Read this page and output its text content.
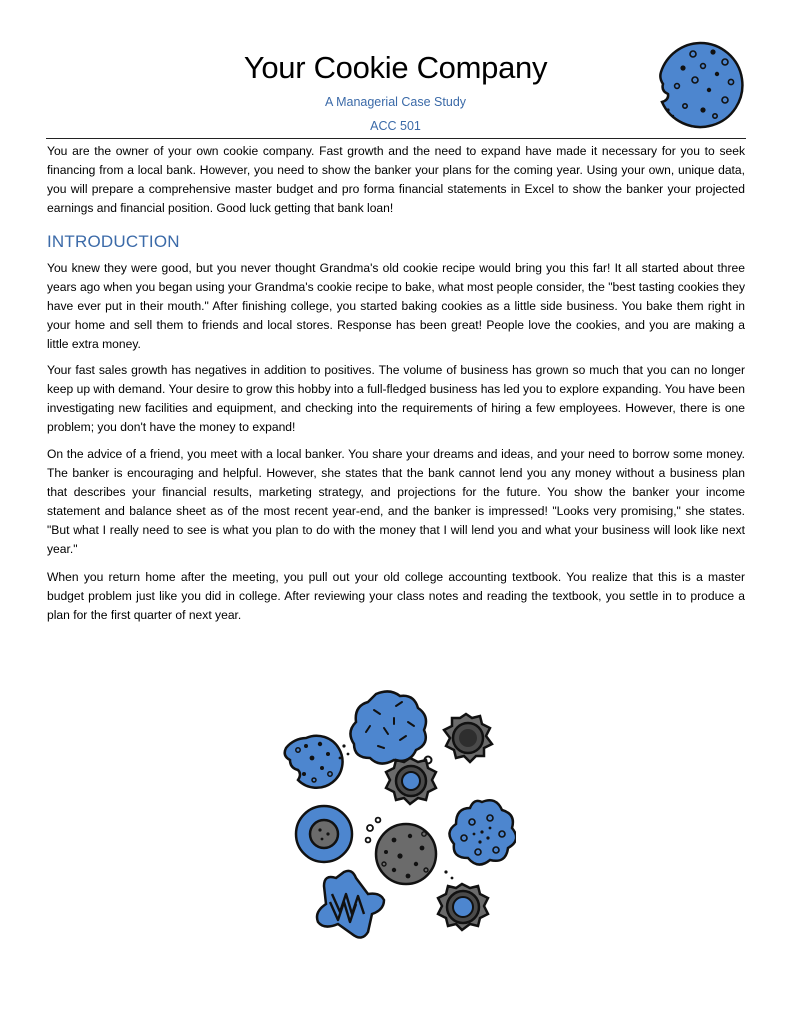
Your Cookie Company
A Managerial Case Study
ACC 501

You are the owner of your own cookie company. Fast growth and the need to expand have made it necessary for you to seek financing from a local bank. However, you need to show the banker your plans for the coming year. Using your own, unique data, you will prepare a comprehensive master budget and pro forma financial statements in Excel to show the banker your projected earnings and financial position. Good luck getting that bank loan!

INTRODUCTION

You knew they were good, but you never thought Grandma's old cookie recipe would bring you this far! It all started about three years ago when you began using your Grandma's cookie recipe to bake, what most people consider, the "best tasting cookies they have ever put in their mouth." After finishing college, you started baking cookies as a little side business. You bake them right in your home and sell them to friends and local stores. Response has been great! People love the cookies, and you are making a little extra money.

Your fast sales growth has negatives in addition to positives. The volume of business has grown so much that you can no longer keep up with demand. Your desire to grow this hobby into a full-fledged business has led you to explore expanding. You have been investigating new facilities and equipment, and checking into the requirements of hiring a few employees. However, there is one problem; you don't have the money to expand!

On the advice of a friend, you meet with a local banker. You share your dreams and ideas, and your need to borrow some money. The banker is encouraging and helpful. However, she states that the bank cannot lend you any money without a business plan that describes your financial results, marketing strategy, and projections for the future. You show the banker your income statement and balance sheet as of the most recent year-end, and the banker is impressed! "Looks very promising," she states. "But what I really need to see is what you plan to do with the money that I will lend you and what your business will look like next year."

When you return home after the meeting, you pull out your old college accounting textbook. You realize that this is a master budget problem just like you did in college. After reviewing your class notes and reading the textbook, you settle in to produce a plan for the first quarter of next year.
